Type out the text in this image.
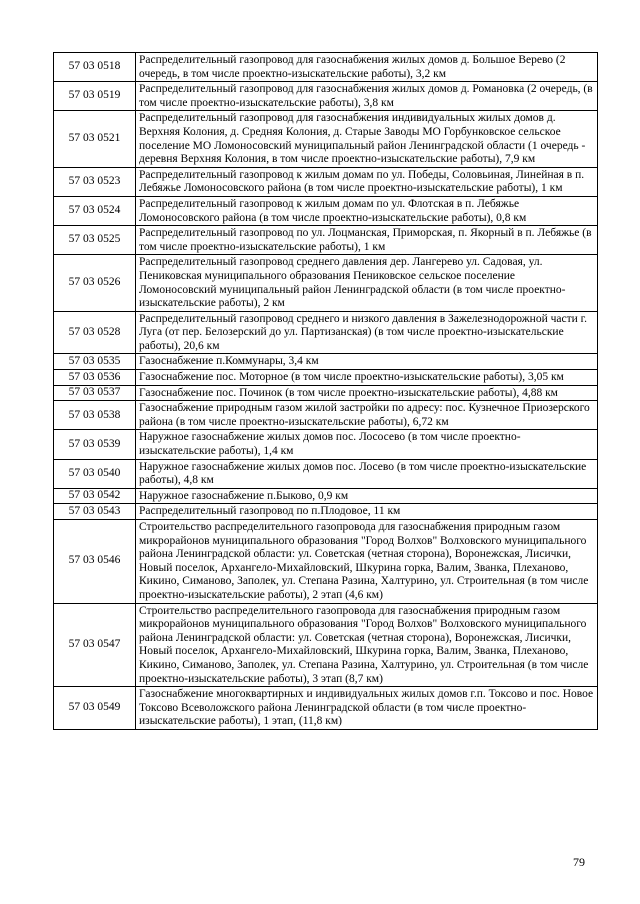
57 03 0518	Распределительный газопровод для газоснабжения жилых домов д. Большое Верево (2 очередь, в том числе проектно-изыскательские работы), 3,2 км
57 03 0519	Распределительный газопровод для газоснабжения жилых домов д. Романовка (2 очередь, (в том числе проектно-изыскательские работы), 3,8 км
57 03 0521	Распределительный газопровод для газоснабжения индивидуальных жилых домов д. Верхняя Колония, д. Средняя Колония, д. Старые Заводы МО Горбунковское сельское поселение МО Ломоносовский муниципальный район Ленинградской области (1 очередь - деревня Верхняя Колония, в том числе проектно-изыскательские работы), 7,9 км
57 03 0523	Распределительный газопровод к жилым домам по ул. Победы, Соловьиная, Линейная в п. Лебяжье Ломоносовского района (в том числе проектно-изыскательские работы), 1 км
57 03 0524	Распределительный газопровод к жилым домам по ул. Флотская в п. Лебяжье Ломоносовского района (в том числе проектно-изыскательские работы), 0,8 км
57 03 0525	Распределительный газопровод по ул. Лоцманская, Приморская, п. Якорный в п. Лебяжье (в том числе проектно-изыскательские работы), 1 км
57 03 0526	Распределительный газопровод среднего давления дер. Лангерево ул. Садовая, ул. Пениковская муниципального образования Пениковское сельское поселение Ломоносовский муниципальный район Ленинградской области (в том числе проектно-изыскательские работы), 2 км
57 03 0528	Распределительный газопровод среднего и низкого давления в Зажелезнодорожной части г. Луга (от пер. Белозерский до ул. Партизанская) (в том числе проектно-изыскательские работы), 20,6 км
57 03 0535	Газоснабжение п.Коммунары, 3,4 км
57 03 0536	Газоснабжение пос. Моторное (в том числе проектно-изыскательские работы), 3,05 км
57 03 0537	Газоснабжение пос. Починок (в том числе проектно-изыскательские работы), 4,88 км
57 03 0538	Газоснабжение природным газом жилой застройки по адресу: пос. Кузнечное Приозерского района (в том числе проектно-изыскательские работы), 6,72 км
57 03 0539	Наружное газоснабжение жилых домов пос. Лососево (в том числе проектно-изыскательские работы), 1,4 км
57 03 0540	Наружное газоснабжение жилых домов пос. Лосево (в том числе проектно-изыскательские работы), 4,8 км
57 03 0542	Наружное газоснабжение п.Быково, 0,9 км
57 03 0543	Распределительный газопровод по п.Плодовое, 11 км
57 03 0546	Строительство распределительного газопровода для газоснабжения природным газом микрорайонов муниципального образования "Город Волхов" Волховского муниципального района Ленинградской области: ул. Советская (четная сторона), Воронежская, Лисички, Новый поселок, Архангело-Михайловский, Шкурина горка, Валим, Званка, Плеханово, Кикино, Симаново, Заполек, ул. Степана Разина, Халтурино, ул. Строительная (в том числе проектно-изыскательские работы), 2 этап (4,6 км)
57 03 0547	Строительство распределительного газопровода для газоснабжения природным газом микрорайонов муниципального образования "Город Волхов" Волховского муниципального района Ленинградской области: ул. Советская (четная сторона), Воронежская, Лисички, Новый поселок, Архангело-Михайловский, Шкурина горка, Валим, Званка, Плеханово, Кикино, Симаново, Заполек, ул. Степана Разина, Халтурино, ул. Строительная (в том числе проектно-изыскательские работы), 3 этап (8,7 км)
57 03 0549	Газоснабжение многоквартирных и индивидуальных жилых домов г.п. Токсово и пос. Новое Токсово Всеволожского района Ленинградской области (в том числе проектно-изыскательские работы), 1 этап, (11,8 км)
79
